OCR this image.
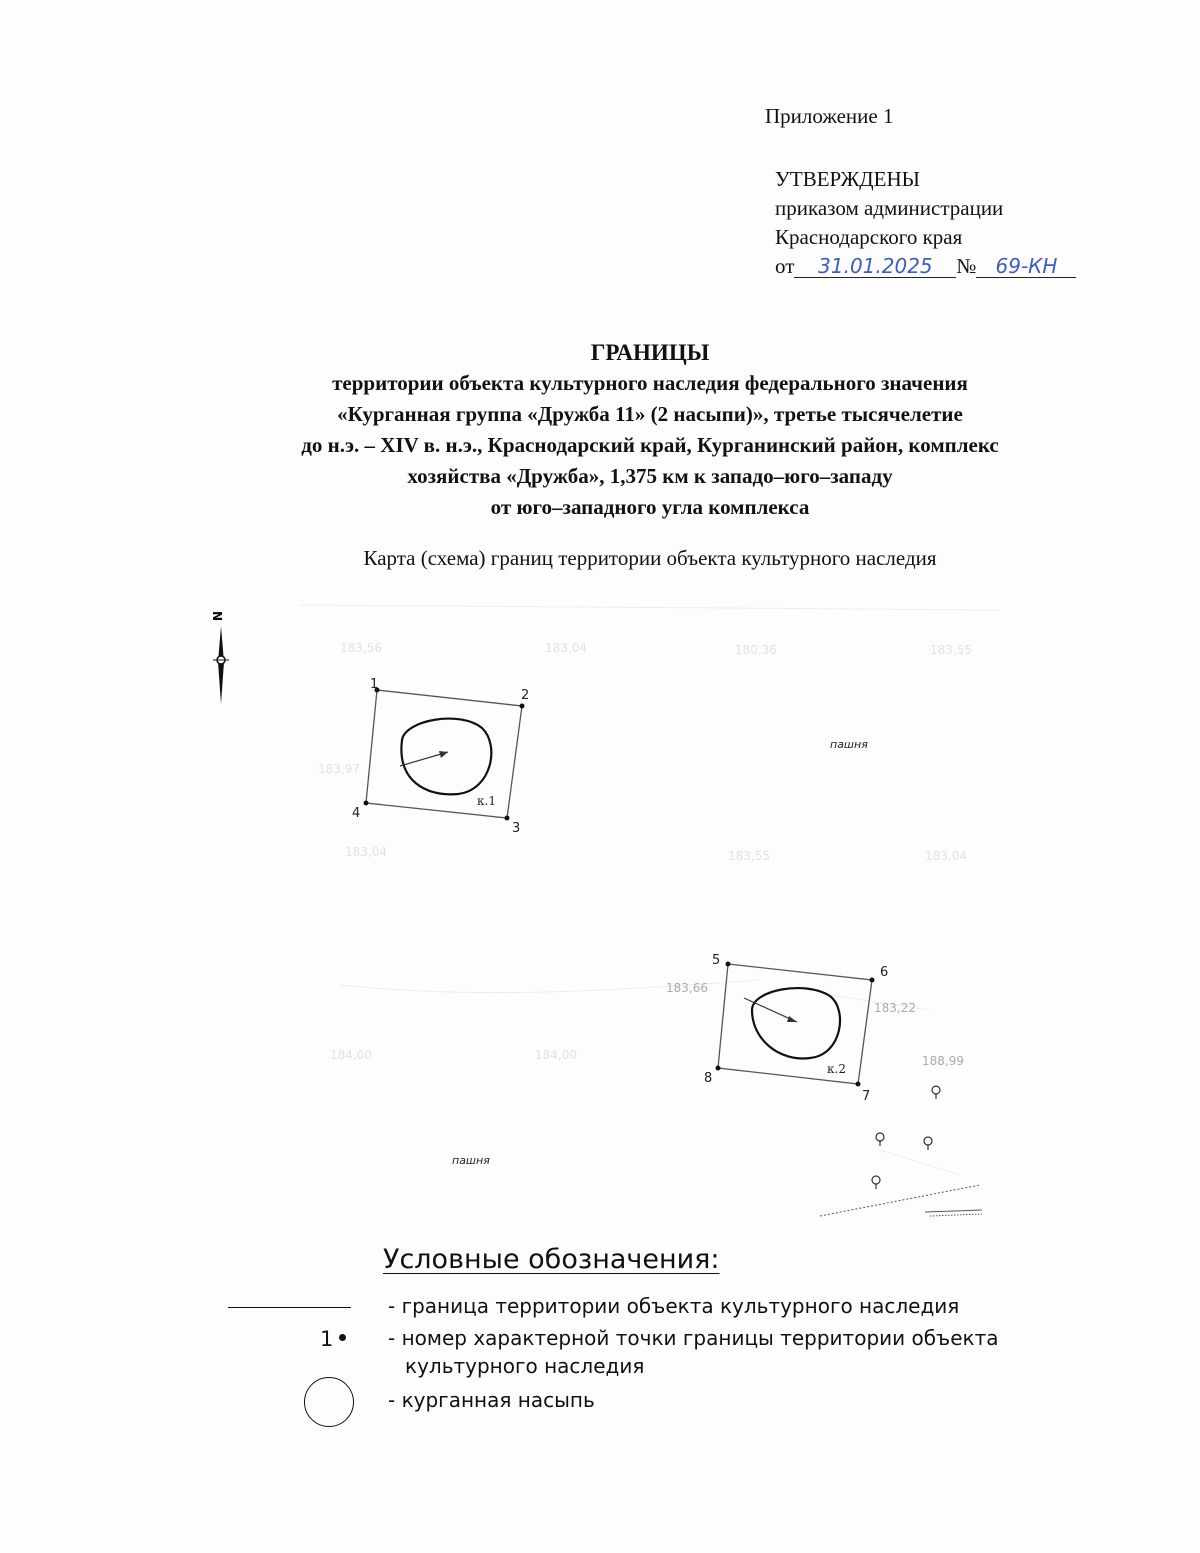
Приложение 1
УТВЕРЖДЕНЫ
приказом администрации
Краснодарского края
от 31.01.2025 № 69-КН
ГРАНИЦЫ
территории объекта культурного наследия федерального значения
«Курганная группа «Дружба 11» (2 насыпи)», третье тысячелетие
до н.э. – XIV в. н.э., Краснодарский край, Курганинский район, комплекс
хозяйства «Дружба», 1,375 км к западо–юго–западу
от юго–западного угла комплекса
Карта (схема) границ территории объекта культурного наследия
183,56	183,04	180,36	183,55
183,97
183,04	183,55	183,04
184,00	184,00
N
1
2
3
4
к.1
5
6
7
8
к.2
183,66
183,22
188,99
пашня
пашня
Условные обозначения:
- граница территории объекта культурного наследия
1	- номер характерной точки границы территории объекта
культурного наследия
- курганная насыпь
